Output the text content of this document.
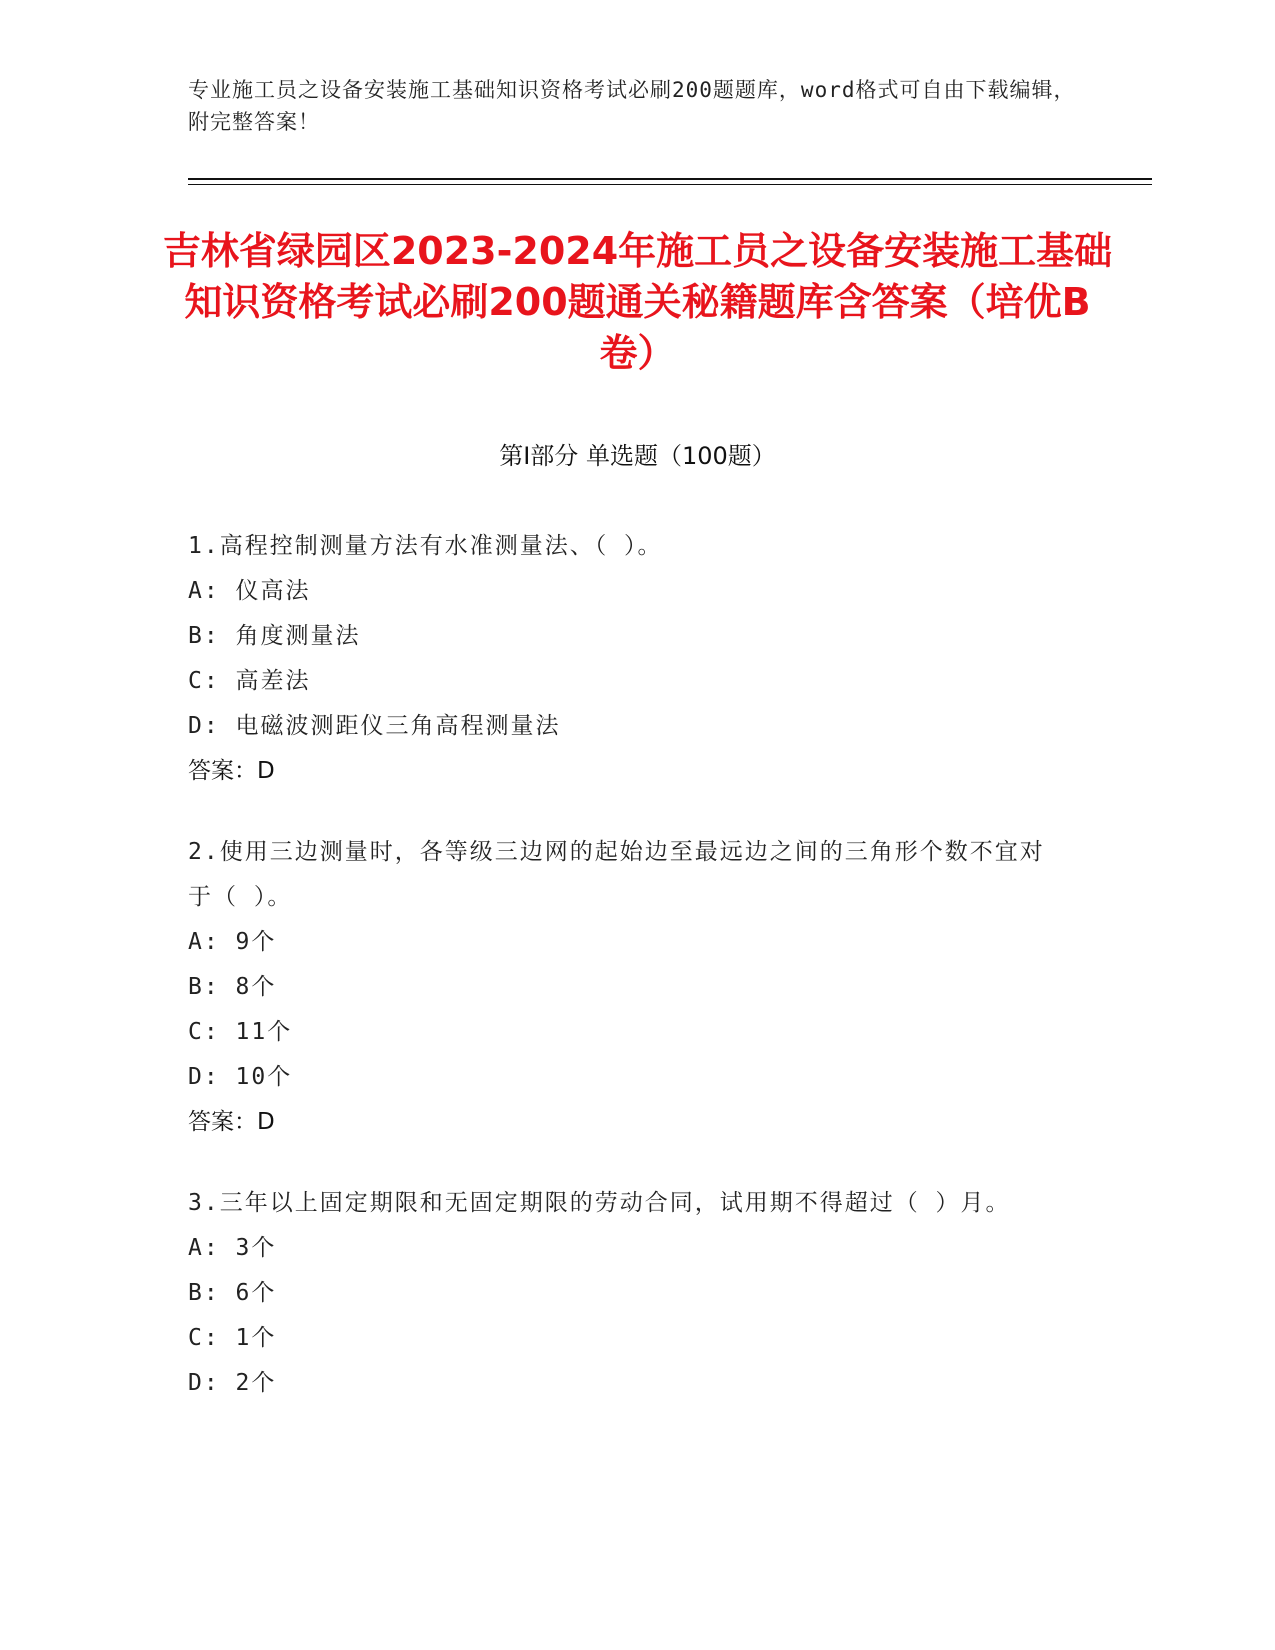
专业施工员之设备安装施工基础知识资格考试必刷200题题库，word格式可自由下载编辑，附完整答案！
吉林省绿园区2023-2024年施工员之设备安装施工基础知识资格考试必刷200题通关秘籍题库含答案（培优B卷）
第Ⅰ部分 单选题（100题）
1.高程控制测量方法有水准测量法、（ ）。
A: 仪高法
B: 角度测量法
C: 高差法
D: 电磁波测距仪三角高程测量法
答案：D
2.使用三边测量时，各等级三边网的起始边至最远边之间的三角形个数不宜对于（ ）。
A: 9个
B: 8个
C: 11个
D: 10个
答案：D
3.三年以上固定期限和无固定期限的劳动合同，试用期不得超过（ ）月。
A: 3个
B: 6个
C: 1个
D: 2个
